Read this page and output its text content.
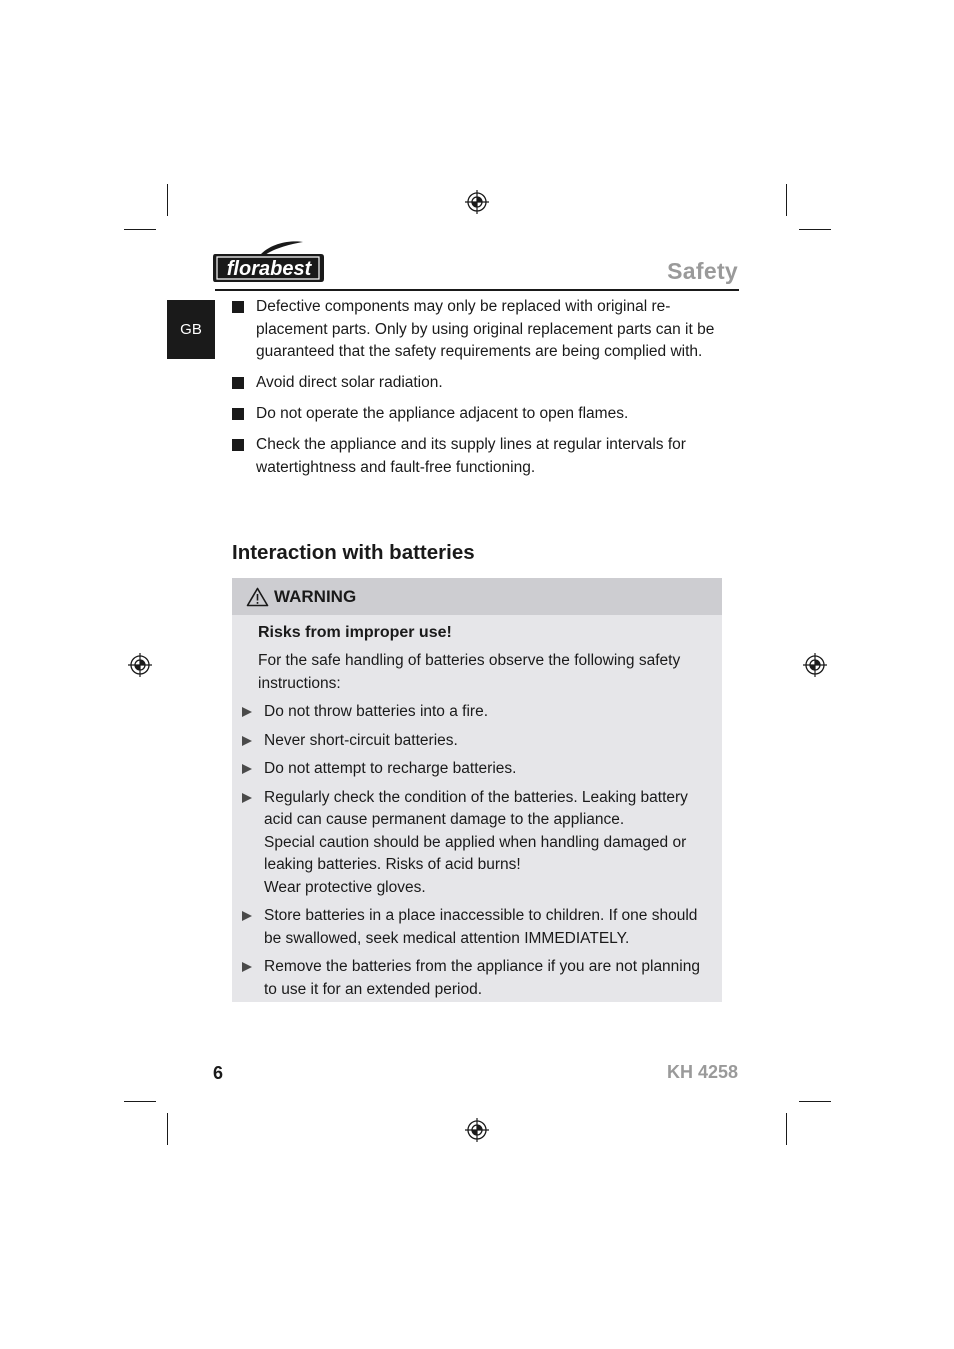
florabest	Safety
GB
Defective components may only be replaced with original re-placement parts. Only by using original replacement parts can it be guaranteed that the safety requirements are being complied with.
Avoid direct solar radiation.
Do not operate the appliance adjacent to open flames.
Check the appliance and its supply lines at regular intervals for watertightness and fault-free functioning.
Interaction with batteries
WARNING
Risks from improper use!
For the safe handling of batteries observe the following safety instructions:
Do not throw batteries into a fire.
Never short-circuit batteries.
Do not attempt to recharge batteries.
Regularly check the condition of the batteries. Leaking battery acid can cause permanent damage to the appliance.
Special caution should be applied when handling damaged or leaking batteries. Risks of acid burns!
Wear protective gloves.
Store batteries in a place inaccessible to children. If one should be swallowed, seek medical attention IMMEDIATELY.
Remove the batteries from the appliance if you are not planning to use it for an extended period.
6	KH 4258
